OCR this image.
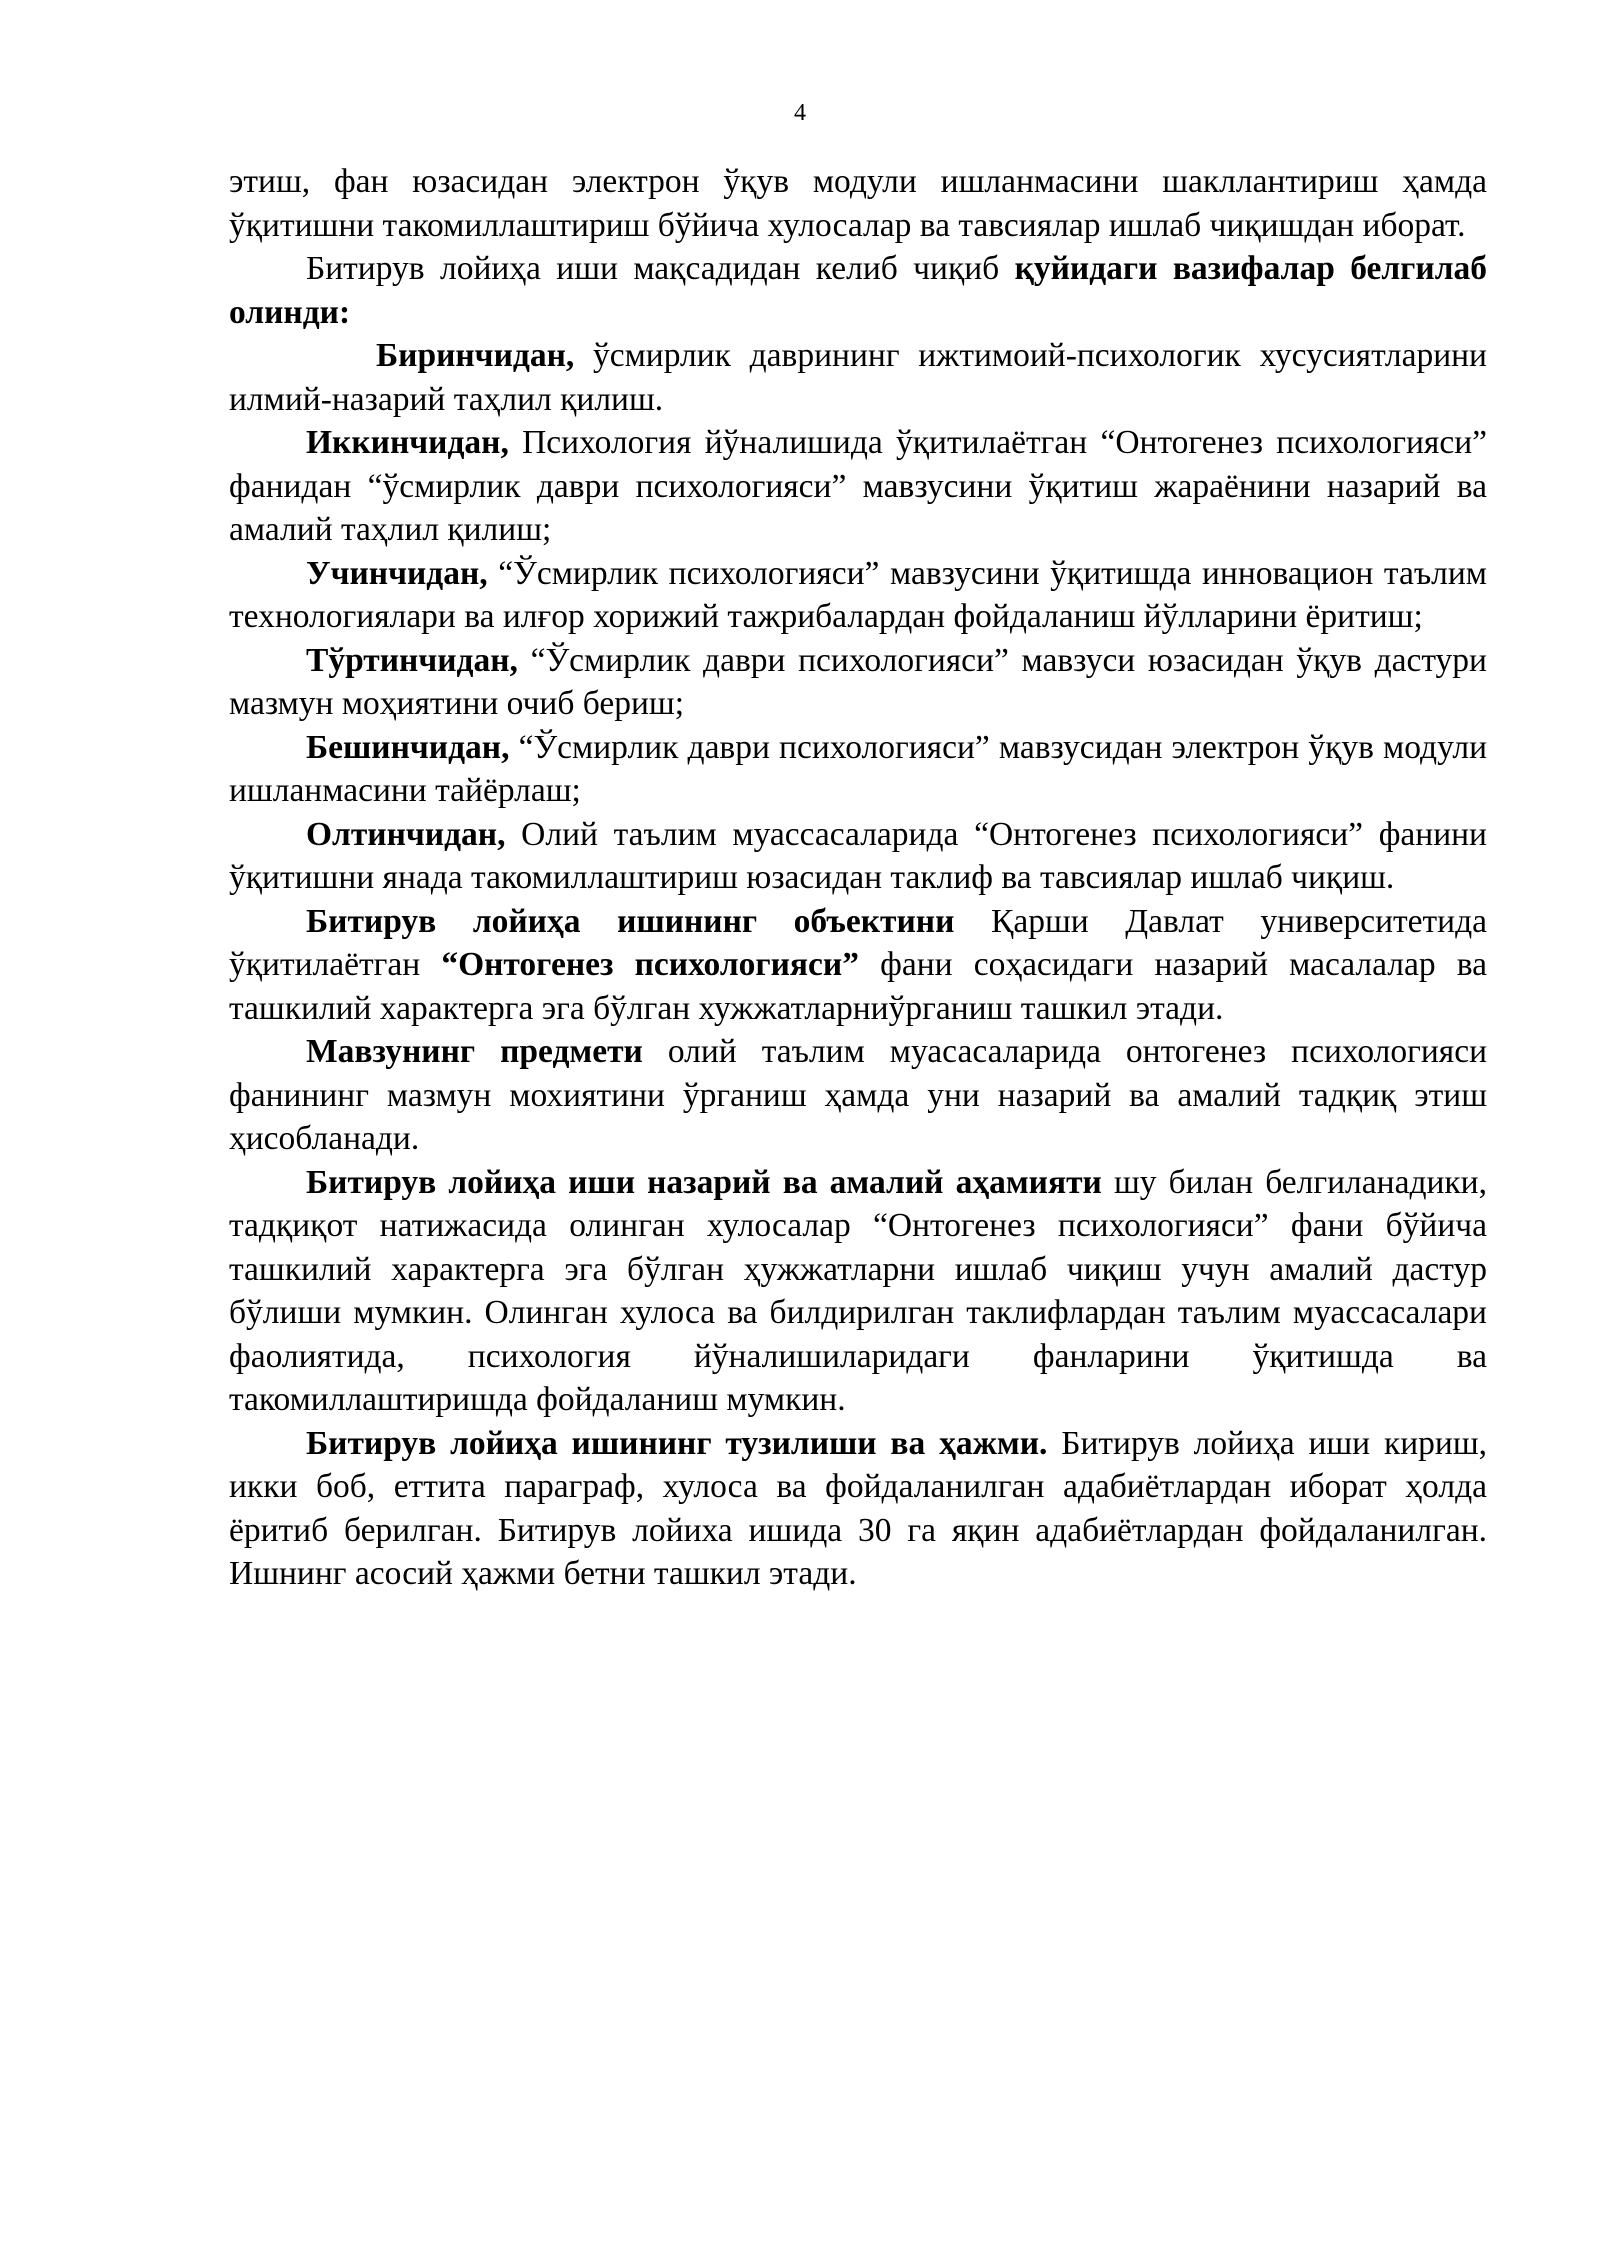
4

этиш, фан юзасидан электрон ўқув модули ишланмасини шакллантириш ҳамда ўқитишни такомиллаштириш бўйича хулосалар ва тавсиялар ишлаб чиқишдан иборат.

Битирув лойиҳа иши мақсадидан келиб чиқиб қуйидаги вазифалар белгилаб олинди:

Биринчидан, ўсмирлик даврининг ижтимоий-психологик хусусиятларини илмий-назарий таҳлил қилиш.

Иккинчидан, Психология йўналишида ўқитилаётган “Онтогенез психологияси” фанидан “ўсмирлик даври психологияси” мавзусини ўқитиш жараёнини назарий ва амалий таҳлил қилиш;

Учинчидан, “Ўсмирлик психологияси” мавзусини ўқитишда инновацион таълим технологиялари ва илғор хорижий тажрибалардан фойдаланиш йўлларини ёритиш;

Тўртинчидан, “Ўсмирлик даври психологияси” мавзуси юзасидан ўқув дастури мазмун моҳиятини очиб бериш;

Бешинчидан, “Ўсмирлик даври психологияси” мавзусидан электрон ўқув модули ишланмасини тайёрлаш;

Олтинчидан, Олий таълим муассасаларида “Онтогенез психологияси” фанини ўқитишни янада такомиллаштириш юзасидан таклиф ва тавсиялар ишлаб чиқиш.

Битирув лойиҳа ишининг объектини Қарши Давлат университетида ўқитилаётган “Онтогенез психологияси” фани соҳасидаги назарий масалалар ва ташкилий характерга эга бўлган хужжатларниўрганиш ташкил этади.

Мавзунинг предмети олий таълим муасасаларида онтогенез психологияси фанининг мазмун мохиятини ўрганиш ҳамда уни назарий ва амалий тадқиқ этиш ҳисобланади.

Битирув лойиҳа иши назарий ва амалий аҳамияти шу билан белгиланадики, тадқиқот натижасида олинган хулосалар “Онтогенез психологияси” фани бўйича ташкилий характерга эга бўлган ҳужжатларни ишлаб чиқиш учун амалий дастур бўлиши мумкин. Олинган хулоса ва билдирилган таклифлардан таълим муассасалари фаолиятида, психология йўналишиларидаги фанларини ўқитишда ва такомиллаштиришда фойдаланиш мумкин.

Битирув лойиҳа ишининг тузилиши ва ҳажми. Битирув лойиҳа иши кириш, икки боб, еттита параграф, хулоса ва фойдаланилган адабиётлардан иборат ҳолда ёритиб берилган. Битирув лойиха ишида 30 га яқин адабиётлардан фойдаланилган. Ишнинг асосий ҳажми бетни ташкил этади.
